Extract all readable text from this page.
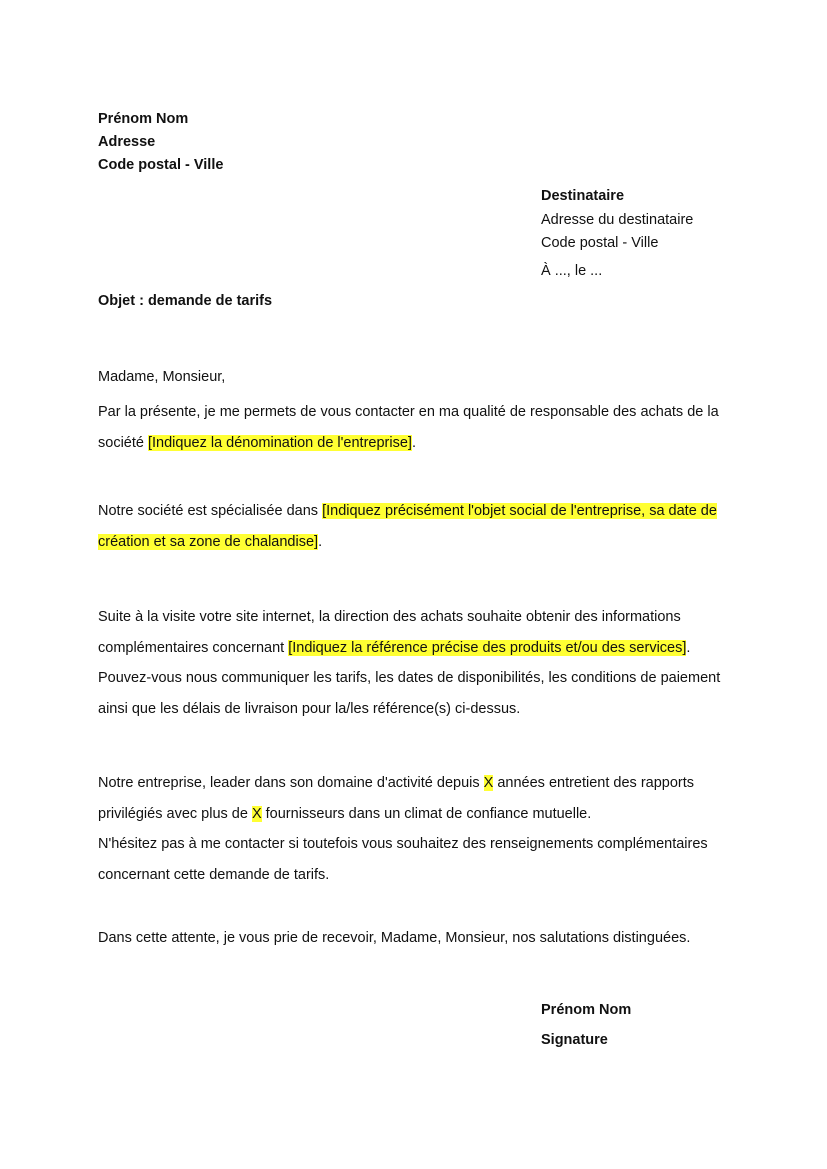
Prénom Nom
Adresse
Code postal - Ville
Destinataire
Adresse du destinataire
Code postal - Ville
À ..., le ...
Objet : demande de tarifs
Madame, Monsieur,

Par la présente, je me permets de vous contacter en ma qualité de responsable des achats de la société [Indiquez la dénomination de l'entreprise].

Notre société est spécialisée dans [Indiquez précisément l'objet social de l'entreprise, sa date de création et sa zone de chalandise].

Suite à la visite votre site internet, la direction des achats souhaite obtenir des informations complémentaires concernant [Indiquez la référence précise des produits et/ou des services].
Pouvez-vous nous communiquer les tarifs, les dates de disponibilités, les conditions de paiement ainsi que les délais de livraison pour la/les référence(s) ci-dessus.

Notre entreprise, leader dans son domaine d'activité depuis X années entretient des rapports privilégiés avec plus de X fournisseurs dans un climat de confiance mutuelle.
N'hésitez pas à me contacter si toutefois vous souhaitez des renseignements complémentaires concernant cette demande de tarifs.

Dans cette attente, je vous prie de recevoir, Madame, Monsieur, nos salutations distinguées.
Prénom Nom
Signature
